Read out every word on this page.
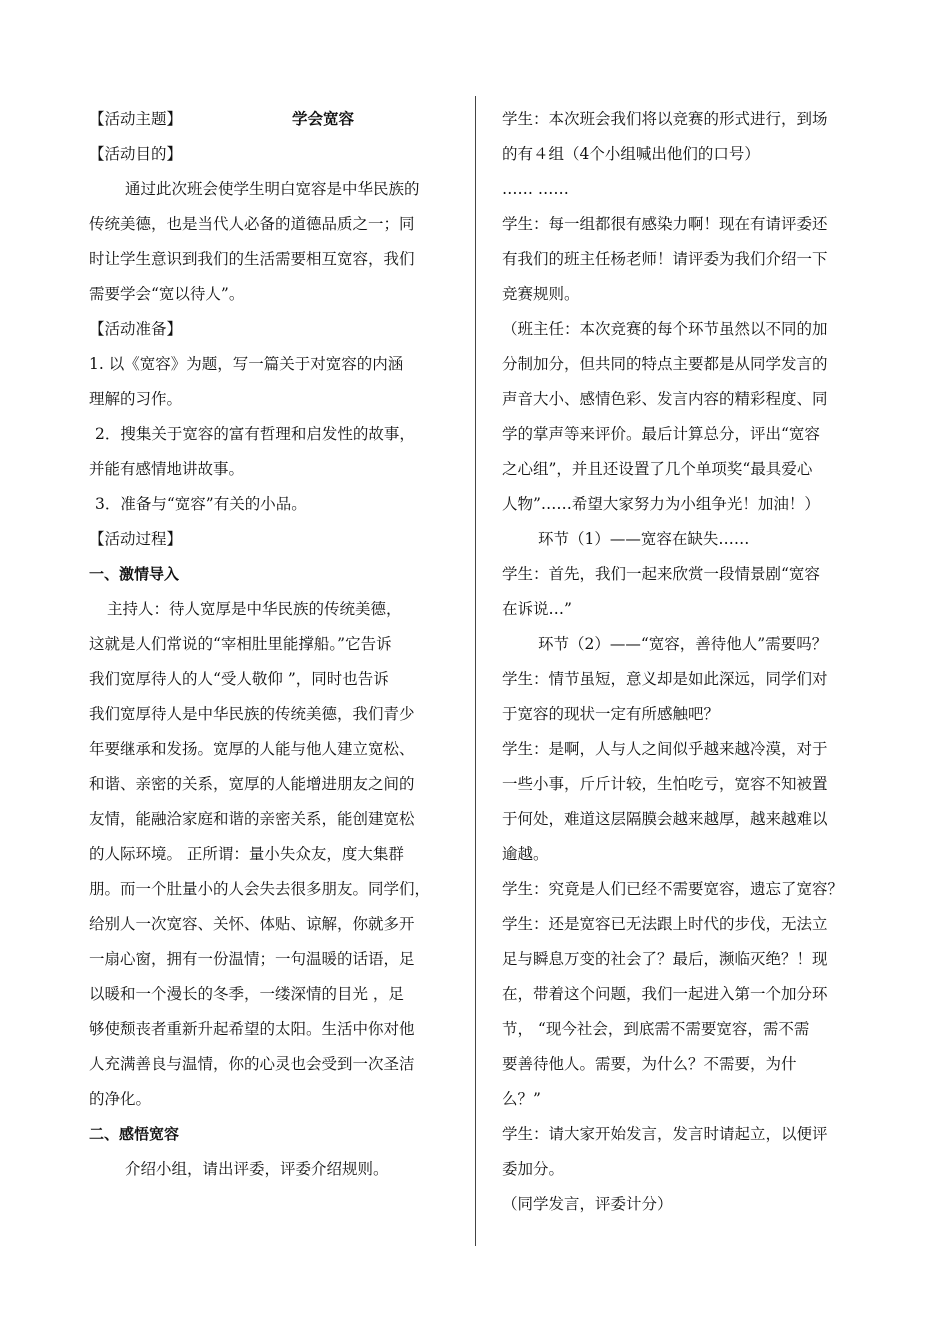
【活动主题】	学会宽容
【活动目的】
通过此次班会使学生明白宽容是中华民族的
传统美德，也是当代人必备的道德品质之一；同
时让学生意识到我们的生活需要相互宽容，我们
需要学会“宽以待人”。
【活动准备】
1. 以《宽容》为题，写一篇关于对宽容的内涵
理解的习作。
2．搜集关于宽容的富有哲理和启发性的故事，
并能有感情地讲故事。
3．准备与“宽容”有关的小品。
【活动过程】
一、激情导入
主持人：待人宽厚是中华民族的传统美德，
这就是人们常说的“宰相肚里能撑船。”它告诉
我们宽厚待人的人“受人敬仰 ”，同时也告诉
我们宽厚待人是中华民族的传统美德，我们青少
年要继承和发扬。宽厚的人能与他人建立宽松、
和谐、亲密的关系，宽厚的人能增进朋友之间的
友情，能融洽家庭和谐的亲密关系，能创建宽松
的人际环境。 正所谓：量小失众友，度大集群
朋。而一个肚量小的人会失去很多朋友。同学们，
给别人一次宽容、关怀、体贴、谅解，你就多开
一扇心窗，拥有一份温情；一句温暖的话语，足
以暖和一个漫长的冬季，一缕深情的目光 ，足
够使颓丧者重新升起希望的太阳。生活中你对他
人充满善良与温情，你的心灵也会受到一次圣洁
的净化。
二、感悟宽容
介绍小组，请出评委，评委介绍规则。
学生：本次班会我们将以竞赛的形式进行，到场
的有４组（4个小组喊出他们的口号）
…… ……
学生：每一组都很有感染力啊！现在有请评委还
有我们的班主任杨老师！请评委为我们介绍一下
竞赛规则。
（班主任：本次竞赛的每个环节虽然以不同的加
分制加分，但共同的特点主要都是从同学发言的
声音大小、感情色彩、发言内容的精彩程度、同
学的掌声等来评价。最后计算总分，评出“宽容
之心组”，并且还设置了几个单项奖“最具爱心
人物”……希望大家努力为小组争光！加油！）
环节（1）——宽容在缺失……
学生：首先，我们一起来欣赏一段情景剧“宽容
在诉说…”
环节（2）——“宽容，善待他人”需要吗？
学生：情节虽短，意义却是如此深远，同学们对
于宽容的现状一定有所感触吧？
学生：是啊，人与人之间似乎越来越冷漠，对于
一些小事，斤斤计较，生怕吃亏，宽容不知被置
于何处，难道这层隔膜会越来越厚，越来越难以
逾越。
学生：究竟是人们已经不需要宽容，遗忘了宽容？
学生：还是宽容已无法跟上时代的步伐，无法立
足与瞬息万变的社会了？最后，濒临灭绝？！现
在，带着这个问题，我们一起进入第一个加分环
节， “现今社会，到底需不需要宽容，需不需
要善待他人。需要，为什么？不需要，为什
么？”
学生：请大家开始发言，发言时请起立，以便评
委加分。
（同学发言，评委计分）
